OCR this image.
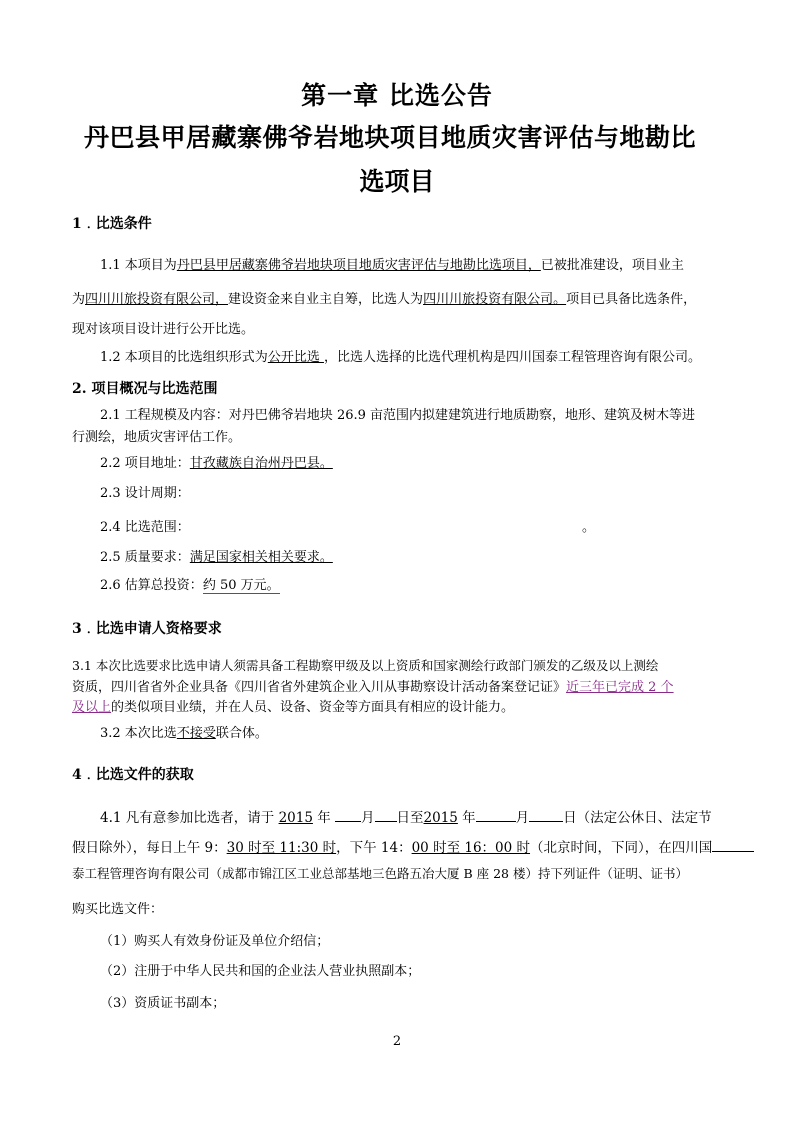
第一章 比选公告
丹巴县甲居藏寨佛爷岩地块项目地质灾害评估与地勘比
选项目
1﹒比选条件
1.1 本项目为丹巴县甲居藏寨佛爷岩地块项目地质灾害评估与地勘比选项目，已被批准建设，项目业主
为四川川旅投资有限公司，建设资金来自业主自筹，比选人为四川川旅投资有限公司。项目已具备比选条件，
现对该项目设计进行公开比选。
1.2 本项目的比选组织形式为公开比选 ，比选人选择的比选代理机构是四川国泰工程管理咨询有限公司。
2. 项目概况与比选范围
2.1 工程规模及内容：对丹巴佛爷岩地块 26.9 亩范围内拟建建筑进行地质勘察，地形、建筑及树木等进
行测绘，地质灾害评估工作。
2.2 项目地址：甘孜藏族自治州丹巴县。
2.3 设计周期：
2.4 比选范围：	。
2.5 质量要求：满足国家相关相关要求。
2.6 估算总投资：约 50 万元。
3﹒比选申请人资格要求
3.1 本次比选要求比选申请人须需具备工程勘察甲级及以上资质和国家测绘行政部门颁发的乙级及以上测绘
资质，四川省省外企业具备《四川省省外建筑企业入川从事勘察设计活动备案登记证》近三年已完成 2 个
及以上的类似项目业绩，并在人员、设备、资金等方面具有相应的设计能力。
3.2 本次比选不接受联合体。
4﹒比选文件的获取
4.1 凡有意参加比选者，请于 2015 年 月 日至2015 年	月	日（法定公休日、法定节
假日除外），每日上午 9：30 时至 11:30 时，下午 14：00 时至 16：00 时（北京时间，下同），在四川国
泰工程管理咨询有限公司（成都市锦江区工业总部基地三色路五冶大厦 B 座 28 楼）持下列证件（证明、证书）
购买比选文件：
（1）购买人有效身份证及单位介绍信；
（2）注册于中华人民共和国的企业法人营业执照副本；
（3）资质证书副本；
2
